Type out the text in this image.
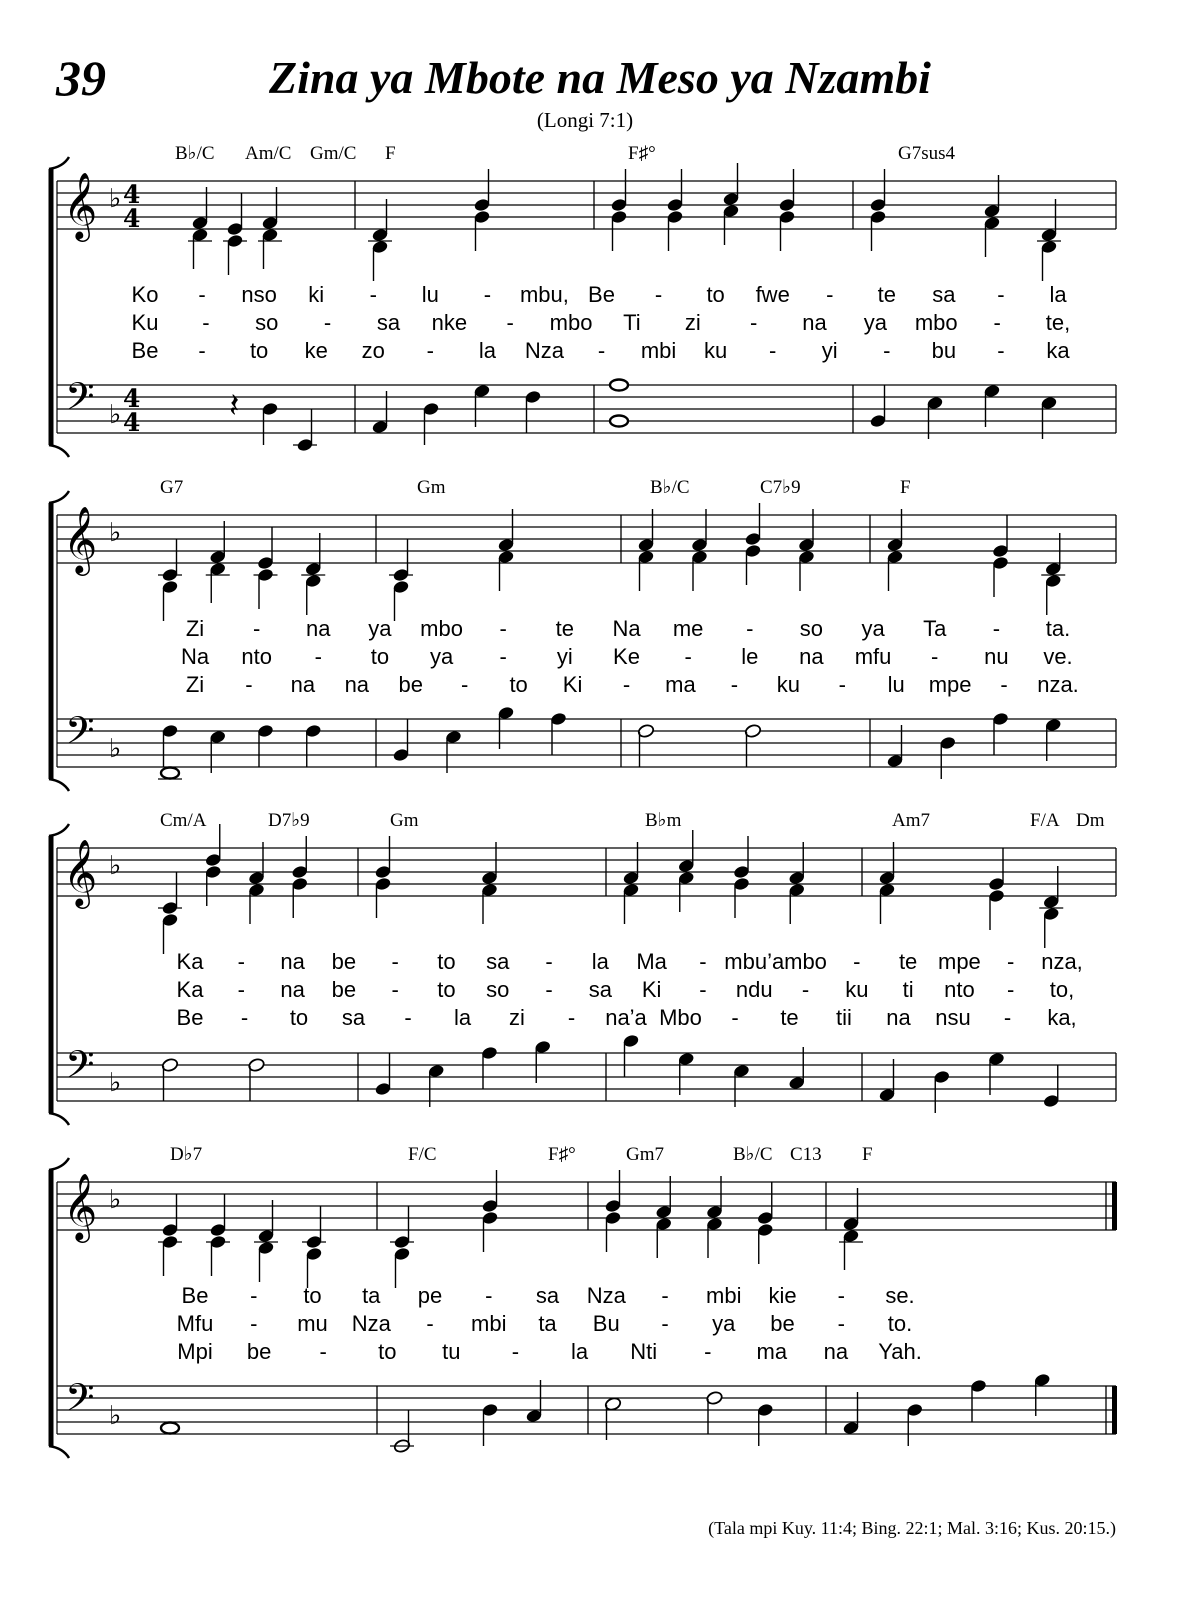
39	Zina ya Mbote na Meso ya Nzambi
(Longi 7:1)
𝄞
𝄢
♭
♭
4
4
4
4
B♭/C Am/C Gm/C F	F♯°	G7sus4
𝄽
Ko - nso ki - lu - mbu, Be - to fwe - te sa - la
Ku - so - sa nke - mbo Ti zi - na ya mbo - te,
Be - to ke zo - la Nza - mbi ku - yi - bu - ka
𝄞
𝄢
♭
♭
G7	Gm	B♭/C	C7♭9	F
Zi - na ya mbo - te Na me - so ya Ta - ta.
Na nto - to ya - yi Ke - le na mfu - nu ve.
Zi - na na be - to Ki - ma - ku - lu mpe - nza.
𝄞
𝄢
♭
♭
Cm/A	D7♭9	Gm	B♭m	Am7	F/A Dm
Ka - na be - to sa - la Ma - mbu’a mbo - te mpe - nza,
Ka - na be - to so - sa Ki - ndu - ku ti nto - to,
Be - to sa - la zi - na’a Mbo - te tii na nsu - ka,
𝄞
𝄢
♭
♭
D♭7	F/C	F♯°	Gm7	B♭/C C13 F
Be - to ta pe - sa Nza - mbi kie - se.
Mfu - mu Nza - mbi ta Bu - ya be - to.
Mpi be - to tu - la Nti - ma na Yah.
(Tala mpi Kuy. 11:4; Bing. 22:1; Mal. 3:16; Kus. 20:15.)
